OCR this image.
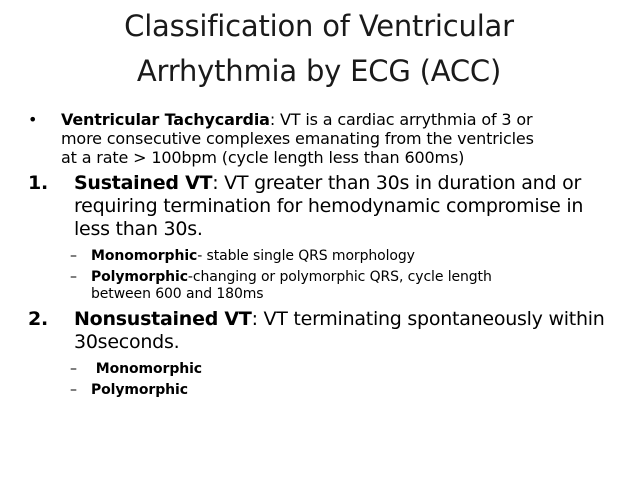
Classification of Ventricular
Arrhythmia by ECG (ACC)
• Ventricular Tachycardia: VT is a cardiac arrythmia of 3 or
more consecutive complexes emanating from the ventricles
at a rate > 100bpm (cycle length less than 600ms)
1. Sustained VT: VT greater than 30s in duration and or
requiring termination for hemodynamic compromise in
less than 30s.
– Monomorphic- stable single QRS morphology
– Polymorphic-changing or polymorphic QRS, cycle length
between 600 and 180ms
2. Nonsustained VT: VT terminating spontaneously within
30seconds.
– Monomorphic
– Polymorphic
